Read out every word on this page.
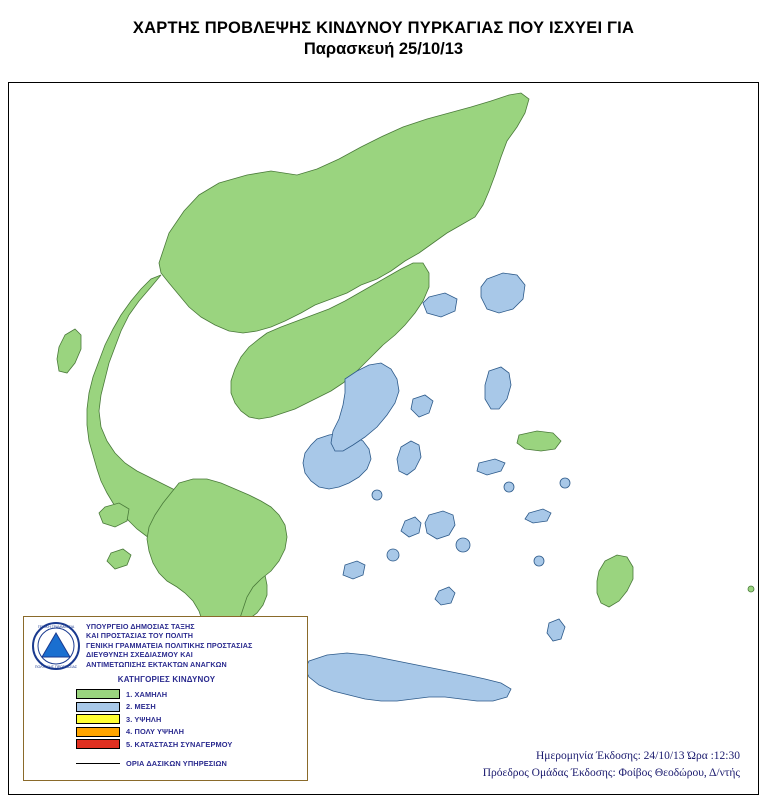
ΧΑΡΤΗΣ ΠΡΟΒΛΕΨΗΣ ΚΙΝΔΥΝΟΥ ΠΥΡΚΑΓΙΑΣ ΠΟΥ ΙΣΧΥΕΙ ΓΙΑ
Παρασκευή 25/10/13
ΓΕΝΙΚΗ ΓΡΑΜΜΑΤΕΙΑ
ΠΟΛΙΤΙΚΗΣ ΠΡΟΣΤΑΣΙΑΣ
ΥΠΟΥΡΓΕΙΟ ΔΗΜΟΣΙΑΣ ΤΑΞΗΣ
ΚΑΙ ΠΡΟΣΤΑΣΙΑΣ ΤΟΥ ΠΟΛΙΤΗ
ΓΕΝΙΚΗ ΓΡΑΜΜΑΤΕΙΑ ΠΟΛΙΤΙΚΗΣ ΠΡΟΣΤΑΣΙΑΣ
ΔΙΕΥΘΥΝΣΗ ΣΧΕΔΙΑΣΜΟΥ ΚΑΙ
ΑΝΤΙΜΕΤΩΠΙΣΗΣ ΕΚΤΑΚΤΩΝ ΑΝΑΓΚΩΝ
ΚΑΤΗΓΟΡΙΕΣ ΚΙΝΔΥΝΟΥ
1. ΧΑΜΗΛΗ
2. ΜΕΣΗ
3. ΥΨΗΛΗ
4. ΠΟΛΥ ΥΨΗΛΗ
5. ΚΑΤΑΣΤΑΣΗ ΣΥΝΑΓΕΡΜΟΥ
ΟΡΙΑ ΔΑΣΙΚΩΝ ΥΠΗΡΕΣΙΩΝ
Ημερομηνία Έκδοσης: 24/10/13 Ώρα :12:30
Πρόεδρος Ομάδας Έκδοσης: Φοίβος Θεοδώρου, Δ/ντής
